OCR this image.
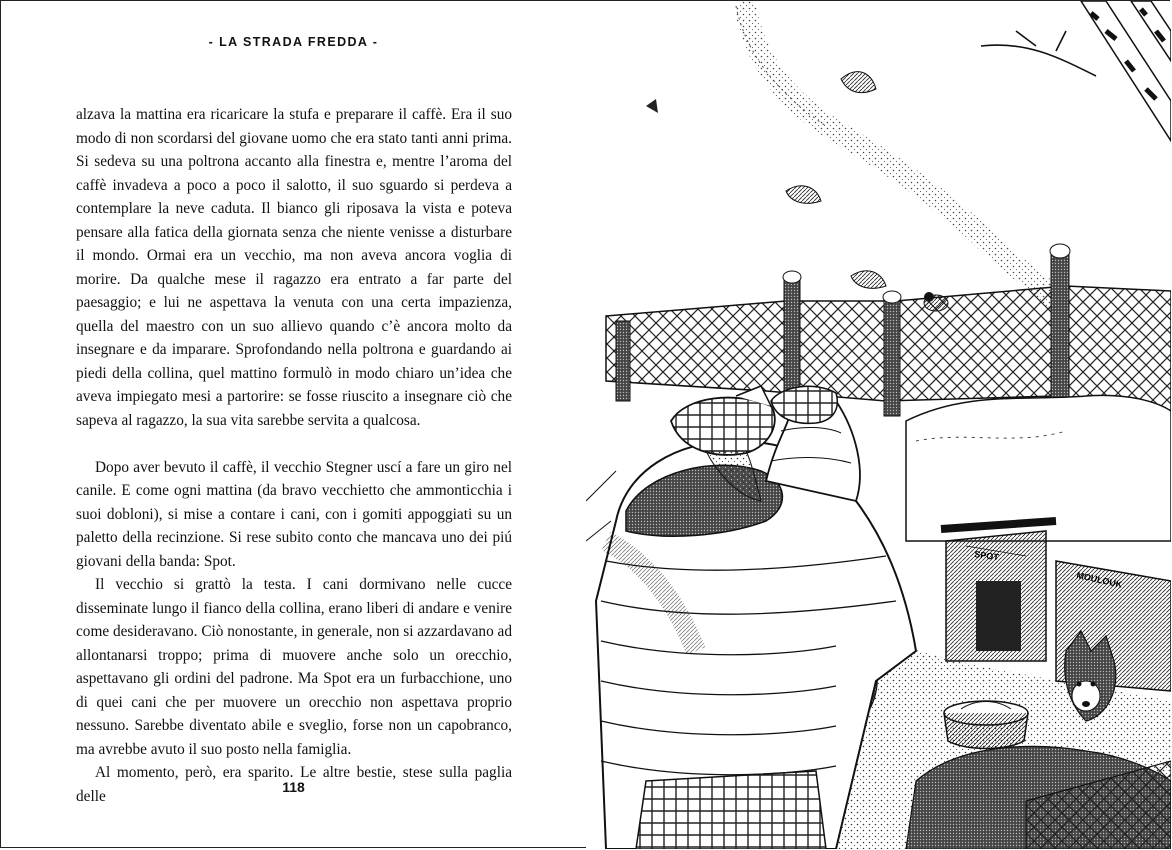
- LA STRADA FREDDA -

alzava la mattina era ricaricare la stufa e preparare il caffè. Era il suo modo di non scordarsi del giovane uomo che era stato tanti anni prima. Si sedeva su una poltrona accanto alla finestra e, mentre l’aroma del caffè invadeva a poco a poco il salotto, il suo sguardo si perdeva a contemplare la neve caduta. Il bianco gli riposava la vista e poteva pensare alla fatica della giornata senza che niente venisse a disturbare il mondo. Ormai era un vecchio, ma non aveva ancora voglia di morire. Da qualche mese il ragazzo era entrato a far parte del paesaggio; e lui ne aspettava la venuta con una certa impazienza, quella del maestro con un suo allievo quando c’è ancora molto da insegnare e da imparare. Sprofondando nella poltrona e guardando ai piedi della collina, quel mattino formulò in modo chiaro un’idea che aveva impiegato mesi a partorire: se fosse riuscito a insegnare ciò che sapeva al ragazzo, la sua vita sarebbe servita a qualcosa.

Dopo aver bevuto il caffè, il vecchio Stegner uscí a fare un giro nel canile. E come ogni mattina (da bravo vecchietto che ammonticchia i suoi dobloni), si mise a contare i cani, con i gomiti appoggiati su un paletto della recinzione. Si rese subito conto che mancava uno dei piú giovani della banda: Spot.

Il vecchio si grattò la testa. I cani dormivano nelle cucce disseminate lungo il fianco della collina, erano liberi di andare e venire come desideravano. Ciò nonostante, in generale, non si azzardavano ad allontanarsi troppo; prima di muovere anche solo un orecchio, aspettavano gli ordini del padrone. Ma Spot era un furbacchione, uno di quei cani che per muovere un orecchio non aspettava proprio nessuno. Sarebbe diventato abile e sveglio, forse non un capobranco, ma avrebbe avuto il suo posto nella famiglia.

Al momento, però, era sparito. Le altre bestie, stese sulla paglia delle

118
SPOT
MOULOUK
